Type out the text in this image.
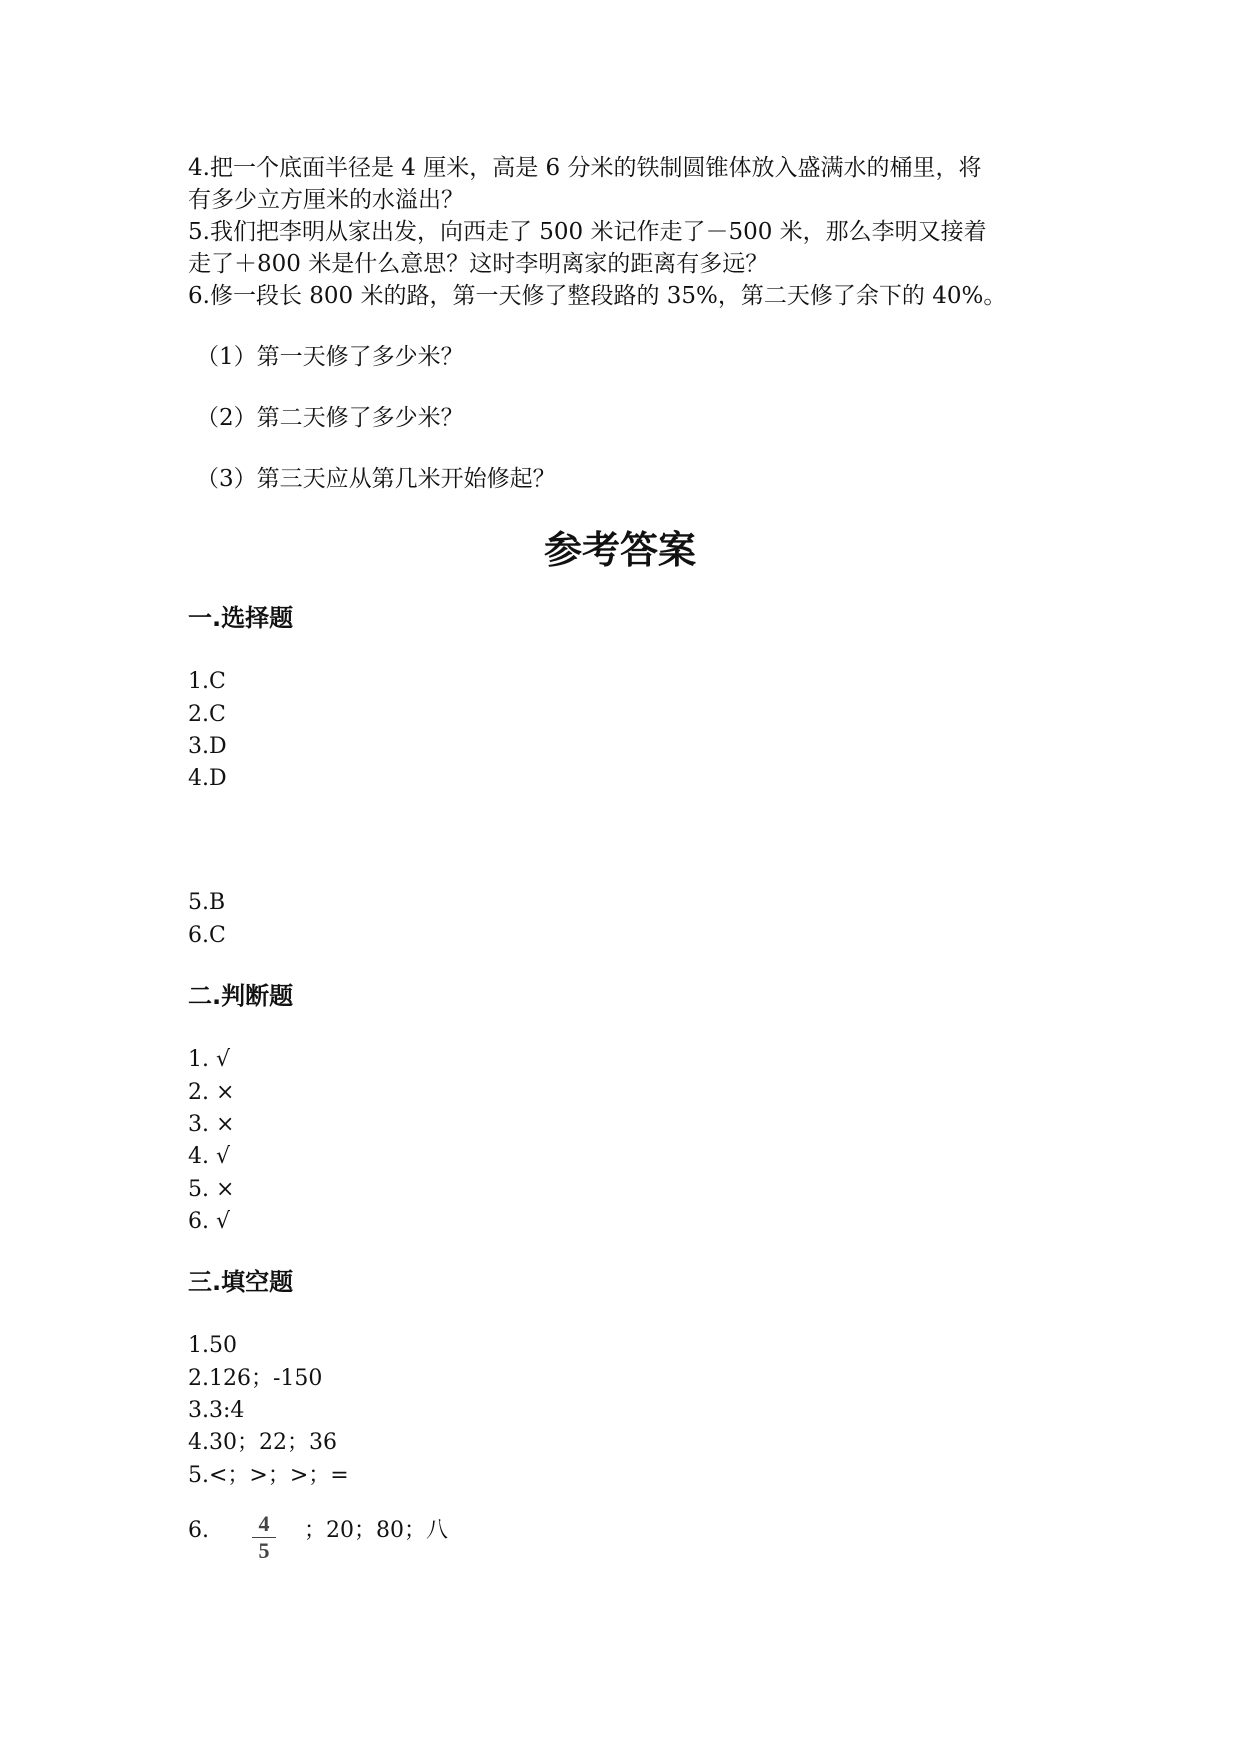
4.把一个底面半径是 4 厘米，高是 6 分米的铁制圆锥体放入盛满水的桶里，将
有多少立方厘米的水溢出？
5.我们把李明从家出发，向西走了 500 米记作走了－500 米，那么李明又接着
走了＋800 米是什么意思？这时李明离家的距离有多远？
6.修一段长 800 米的路，第一天修了整段路的 35%，第二天修了余下的 40%。
（1）第一天修了多少米？
（2）第二天修了多少米？
（3）第三天应从第几米开始修起？
参考答案
一.选择题
1.C
2.C
3.D
4.D
5.B
6.C
二.判断题
1. √
2. ×
3. ×
4. √
5. ×
6. √
三.填空题
1.50
2.126；-150
3.3:4
4.30；22；36
5.<；>；>；=
6.	4
5
；20；80；八
